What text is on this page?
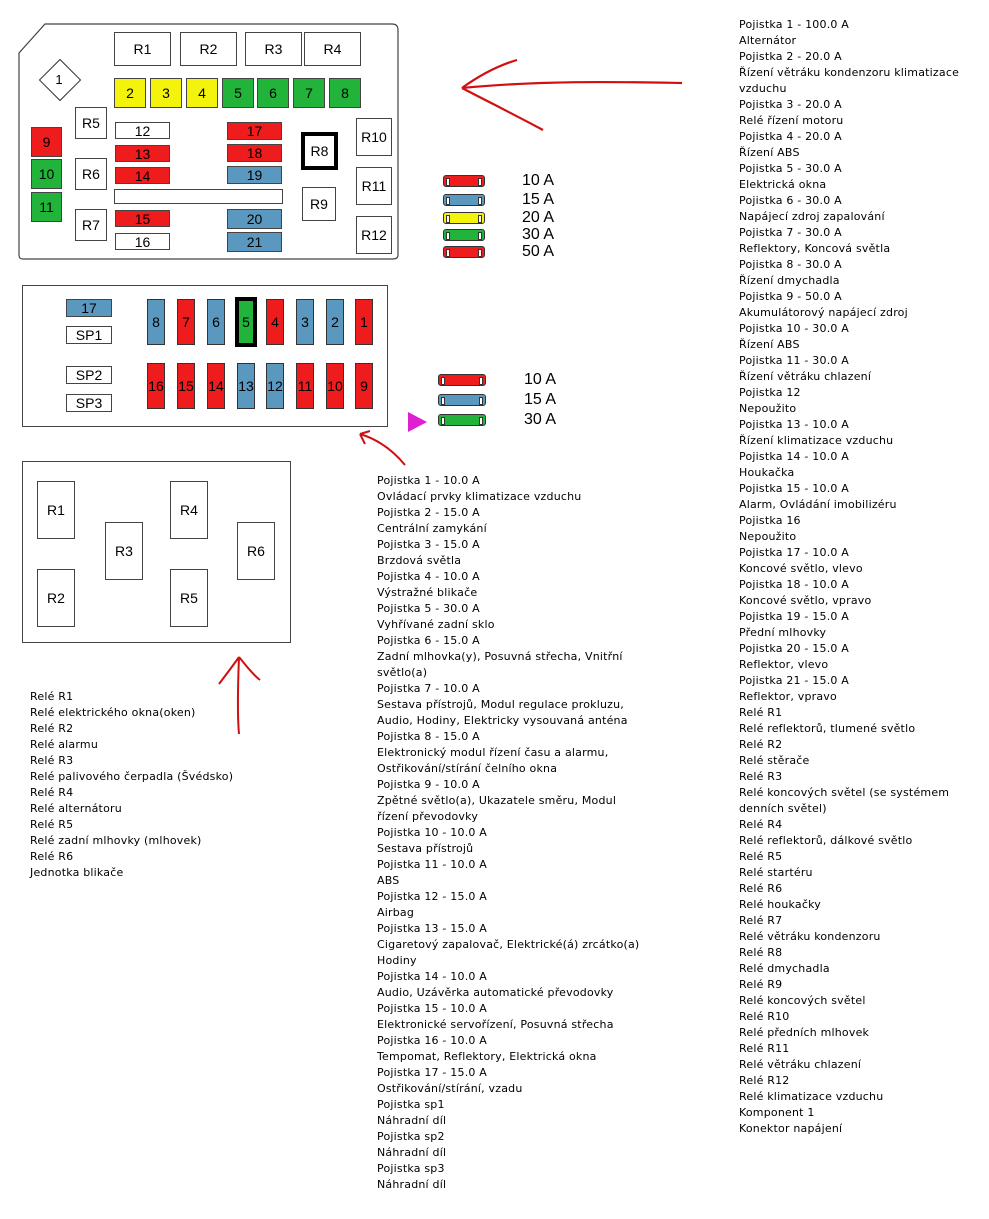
1
R1	R2	R3	R4
2	3	4	5	6	7	8
9
10
11
R5
R6
R7
12
13
14
15
16
17
18
19
20
21
R8
R9
R10
R11
R12
10 A
15 A
20 A
30 A
50 A
17
SP1
SP2
SP3
8	7	6	5	4	3	2	1
16 15 14 13 12 11 10	9	10 A
15 A
30 A
R1
R2
R3
R4
R5
R6
Relé R1
Relé elektrického okna(oken)
Relé R2
Relé alarmu
Relé R3
Relé palivového čerpadla (Švédsko)
Relé R4
Relé alternátoru
Relé R5
Relé zadní mlhovky (mlhovek)
Relé R6
Jednotka blikače
Pojistka 1 - 10.0 A
Ovládací prvky klimatizace vzduchu
Pojistka 2 - 15.0 A
Centrální zamykání
Pojistka 3 - 15.0 A
Brzdová světla
Pojistka 4 - 10.0 A
Výstražné blikače
Pojistka 5 - 30.0 A
Vyhřívané zadní sklo
Pojistka 6 - 15.0 A
Zadní mlhovka(y), Posuvná střecha, Vnitřní
světlo(a)
Pojistka 7 - 10.0 A
Sestava přístrojů, Modul regulace prokluzu,
Audio, Hodiny, Elektricky vysouvaná anténa
Pojistka 8 - 15.0 A
Elektronický modul řízení času a alarmu,
Ostřikování/stírání čelního okna
Pojistka 9 - 10.0 A
Zpětné světlo(a), Ukazatele směru, Modul
řízení převodovky
Pojistka 10 - 10.0 A
Sestava přístrojů
Pojistka 11 - 10.0 A
ABS
Pojistka 12 - 15.0 A
Airbag
Pojistka 13 - 15.0 A
Cigaretový zapalovač, Elektrické(á) zrcátko(a)
Hodiny
Pojistka 14 - 10.0 A
Audio, Uzávěrka automatické převodovky
Pojistka 15 - 10.0 A
Elektronické servořízení, Posuvná střecha
Pojistka 16 - 10.0 A
Tempomat, Reflektory, Elektrická okna
Pojistka 17 - 15.0 A
Ostřikování/stírání, vzadu
Pojistka sp1
Náhradní díl
Pojistka sp2
Náhradní díl
Pojistka sp3
Náhradní díl
Pojistka 1 - 100.0 A
Alternátor
Pojistka 2 - 20.0 A
Řízení větráku kondenzoru klimatizace
vzduchu
Pojistka 3 - 20.0 A
Relé řízení motoru
Pojistka 4 - 20.0 A
Řízení ABS
Pojistka 5 - 30.0 A
Elektrická okna
Pojistka 6 - 30.0 A
Napájecí zdroj zapalování
Pojistka 7 - 30.0 A
Reflektory, Koncová světla
Pojistka 8 - 30.0 A
Řízení dmychadla
Pojistka 9 - 50.0 A
Akumulátorový napájecí zdroj
Pojistka 10 - 30.0 A
Řízení ABS
Pojistka 11 - 30.0 A
Řízení větráku chlazení
Pojistka 12
Nepoužito
Pojistka 13 - 10.0 A
Řízení klimatizace vzduchu
Pojistka 14 - 10.0 A
Houkačka
Pojistka 15 - 10.0 A
Alarm, Ovládání imobilizéru
Pojistka 16
Nepoužito
Pojistka 17 - 10.0 A
Koncové světlo, vlevo
Pojistka 18 - 10.0 A
Koncové světlo, vpravo
Pojistka 19 - 15.0 A
Přední mlhovky
Pojistka 20 - 15.0 A
Reflektor, vlevo
Pojistka 21 - 15.0 A
Reflektor, vpravo
Relé R1
Relé reflektorů, tlumené světlo
Relé R2
Relé stěrače
Relé R3
Relé koncových světel (se systémem
denních světel)
Relé R4
Relé reflektorů, dálkové světlo
Relé R5
Relé startéru
Relé R6
Relé houkačky
Relé R7
Relé větráku kondenzoru
Relé R8
Relé dmychadla
Relé R9
Relé koncových světel
Relé R10
Relé předních mlhovek
Relé R11
Relé větráku chlazení
Relé R12
Relé klimatizace vzduchu
Komponent 1
Konektor napájení
